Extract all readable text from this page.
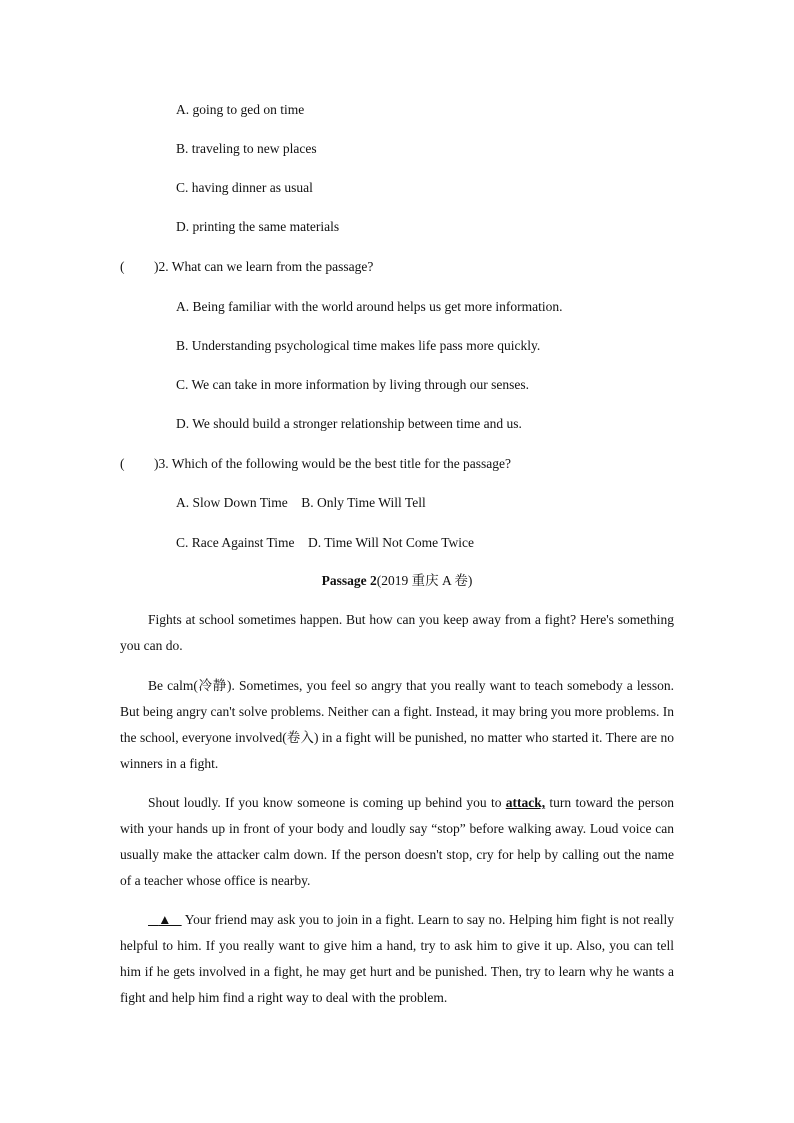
A. going to ged on time
B. traveling to new places
C. having dinner as usual
D. printing the same materials
( )2. What can we learn from the passage?
A. Being familiar with the world around helps us get more information.
B. Understanding psychological time makes life pass more quickly.
C. We can take in more information by living through our senses.
D. We should build a stronger relationship between time and us.
( )3. Which of the following would be the best title for the passage?
A. Slow Down Time    B. Only Time Will Tell
C. Race Against Time    D. Time Will Not Come Twice
Passage 2(2019 重庆 A 卷)
Fights at school sometimes happen. But how can you keep away from a fight? Here's something you can do.
Be calm(冷静). Sometimes, you feel so angry that you really want to teach somebody a lesson. But being angry can't solve problems. Neither can a fight. Instead, it may bring you more problems. In the school, everyone involved(卷入) in a fight will be punished, no matter who started it. There are no winners in a fight.
Shout loudly. If you know someone is coming up behind you to attack, turn toward the person with your hands up in front of your body and loudly say “stop” before walking away. Loud voice can usually make the attacker calm down. If the person doesn't stop, cry for help by calling out the name of a teacher whose office is nearby.
▲    Your friend may ask you to join in a fight. Learn to say no. Helping him fight is not really helpful to him. If you really want to give him a hand, try to ask him to give it up. Also, you can tell him if he gets involved in a fight, he may get hurt and be punished. Then, try to learn why he wants a fight and help him find a right way to deal with the problem.
